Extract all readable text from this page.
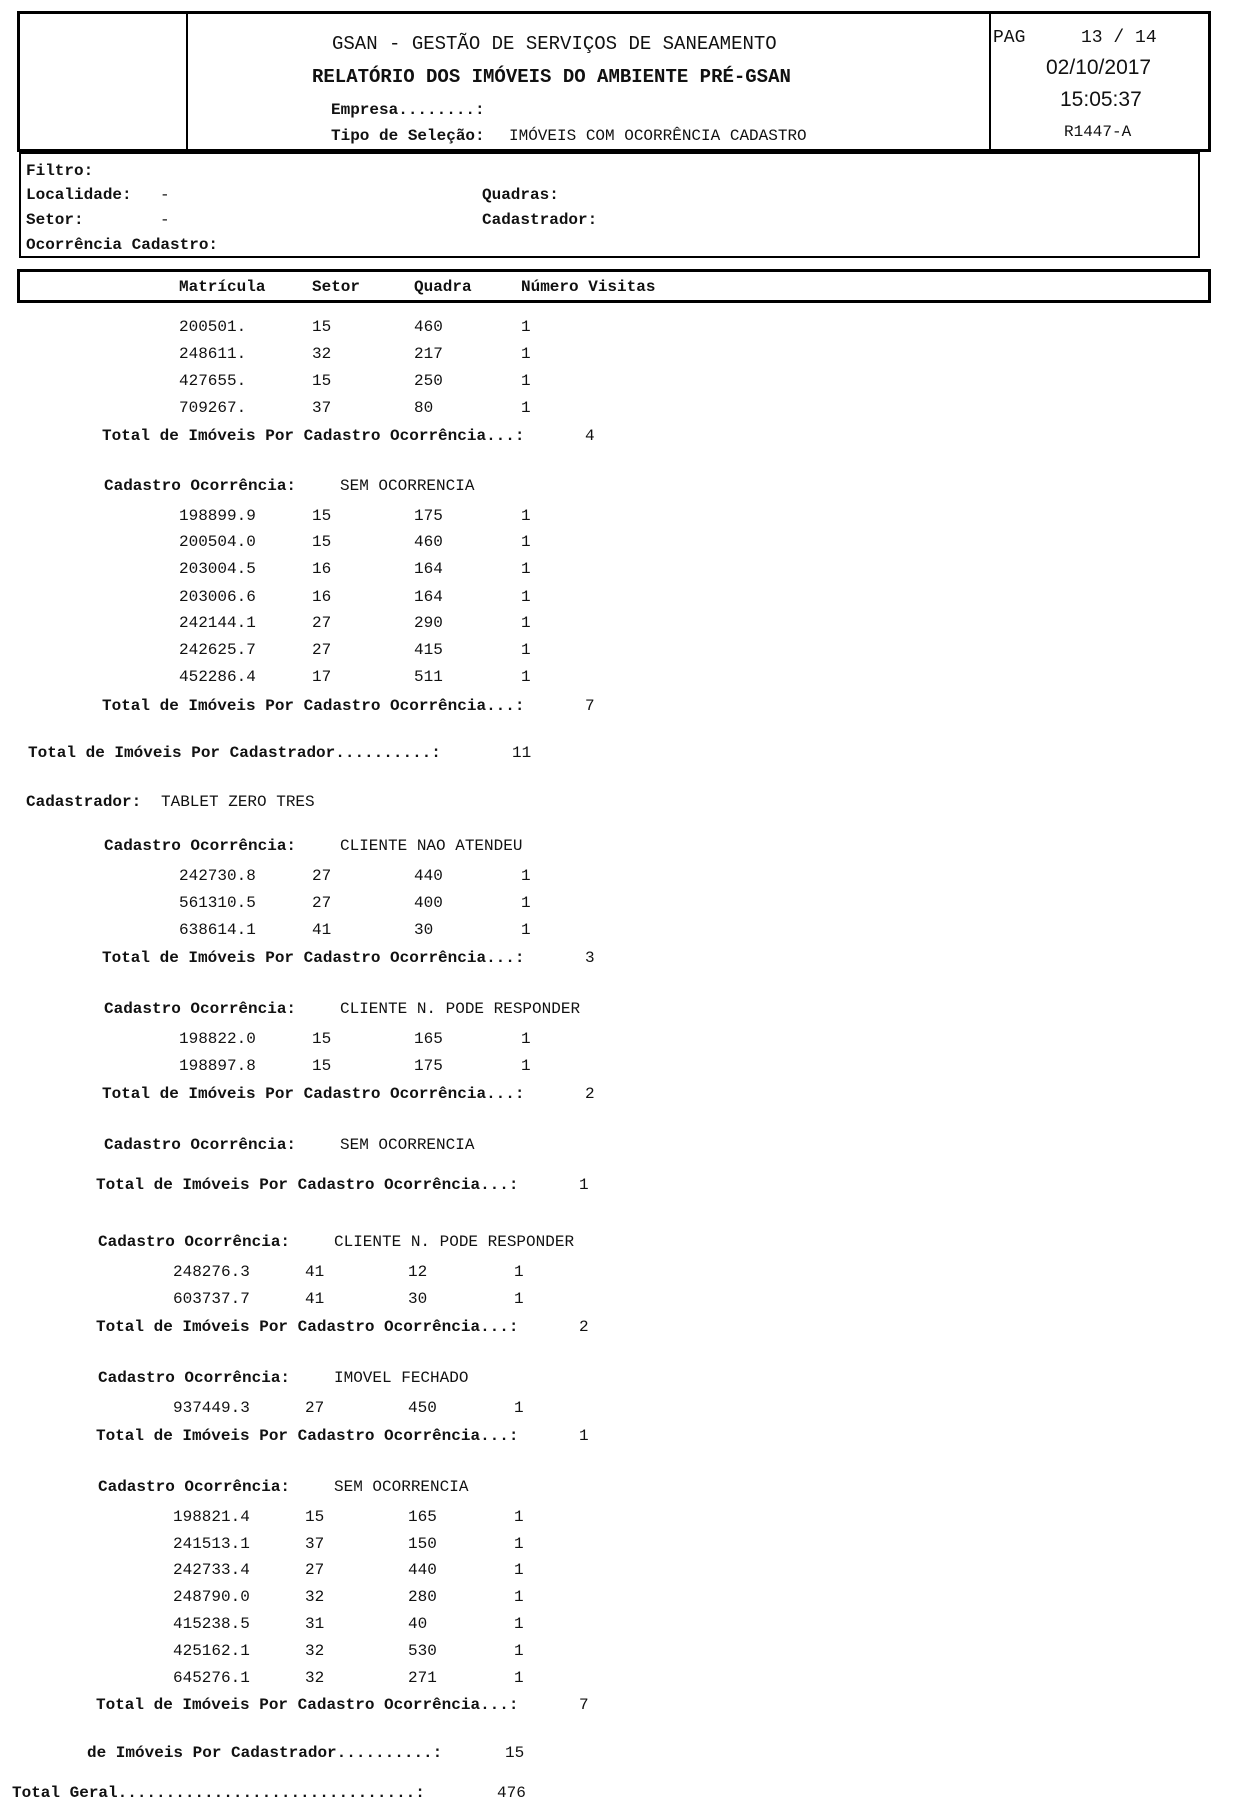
GSAN - GESTÃO DE SERVIÇOS DE SANEAMENTO
RELATÓRIO DOS IMÓVEIS DO AMBIENTE PRÉ-GSAN
Empresa........:
Tipo de Seleção: IMÓVEIS COM OCORRÊNCIA CADASTRO
PAG	13 / 14
02/10/2017
15:05:37
R1447-A
Filtro:
Localidade: -
Setor:	-
Ocorrência Cadastro:
Quadras:
Cadastrador:
Matrícula	Setor	Quadra	Número Visitas
200501.	15	460	1
248611.	32	217	1
427655.	15	250	1
709267.	37	80	1
Total de Imóveis Por Cadastro Ocorrência...:	4
Cadastro Ocorrência:	SEM OCORRENCIA
198899.9	15	175	1
200504.0	15	460	1
203004.5	16	164	1
203006.6	16	164	1
242144.1	27	290	1
242625.7	27	415	1
452286.4	17	511	1
Total de Imóveis Por Cadastro Ocorrência...:	7
Total de Imóveis Por Cadastrador..........:	11
Cadastrador: TABLET ZERO TRES
Cadastro Ocorrência:	CLIENTE NAO ATENDEU
242730.8	27	440	1
561310.5	27	400	1
638614.1	41	30	1
Total de Imóveis Por Cadastro Ocorrência...:	3
Cadastro Ocorrência:	CLIENTE N. PODE RESPONDER
198822.0	15	165	1
198897.8	15	175	1
Total de Imóveis Por Cadastro Ocorrência...:	2
Cadastro Ocorrência:	SEM OCORRENCIA
Total de Imóveis Por Cadastro Ocorrência...:	1
Cadastro Ocorrência:	CLIENTE N. PODE RESPONDER
248276.3	41	12	1
603737.7	41	30	1
Total de Imóveis Por Cadastro Ocorrência...:	2
Cadastro Ocorrência:	IMOVEL FECHADO
937449.3	27	450	1
Total de Imóveis Por Cadastro Ocorrência...:	1
Cadastro Ocorrência:	SEM OCORRENCIA
198821.4	15	165	1
241513.1	37	150	1
242733.4	27	440	1
248790.0	32	280	1
415238.5	31	40	1
425162.1	32	530	1
645276.1	32	271	1
Total de Imóveis Por Cadastro Ocorrência...:	7
de Imóveis Por Cadastrador..........:	15
Total Geral...............................:	476
